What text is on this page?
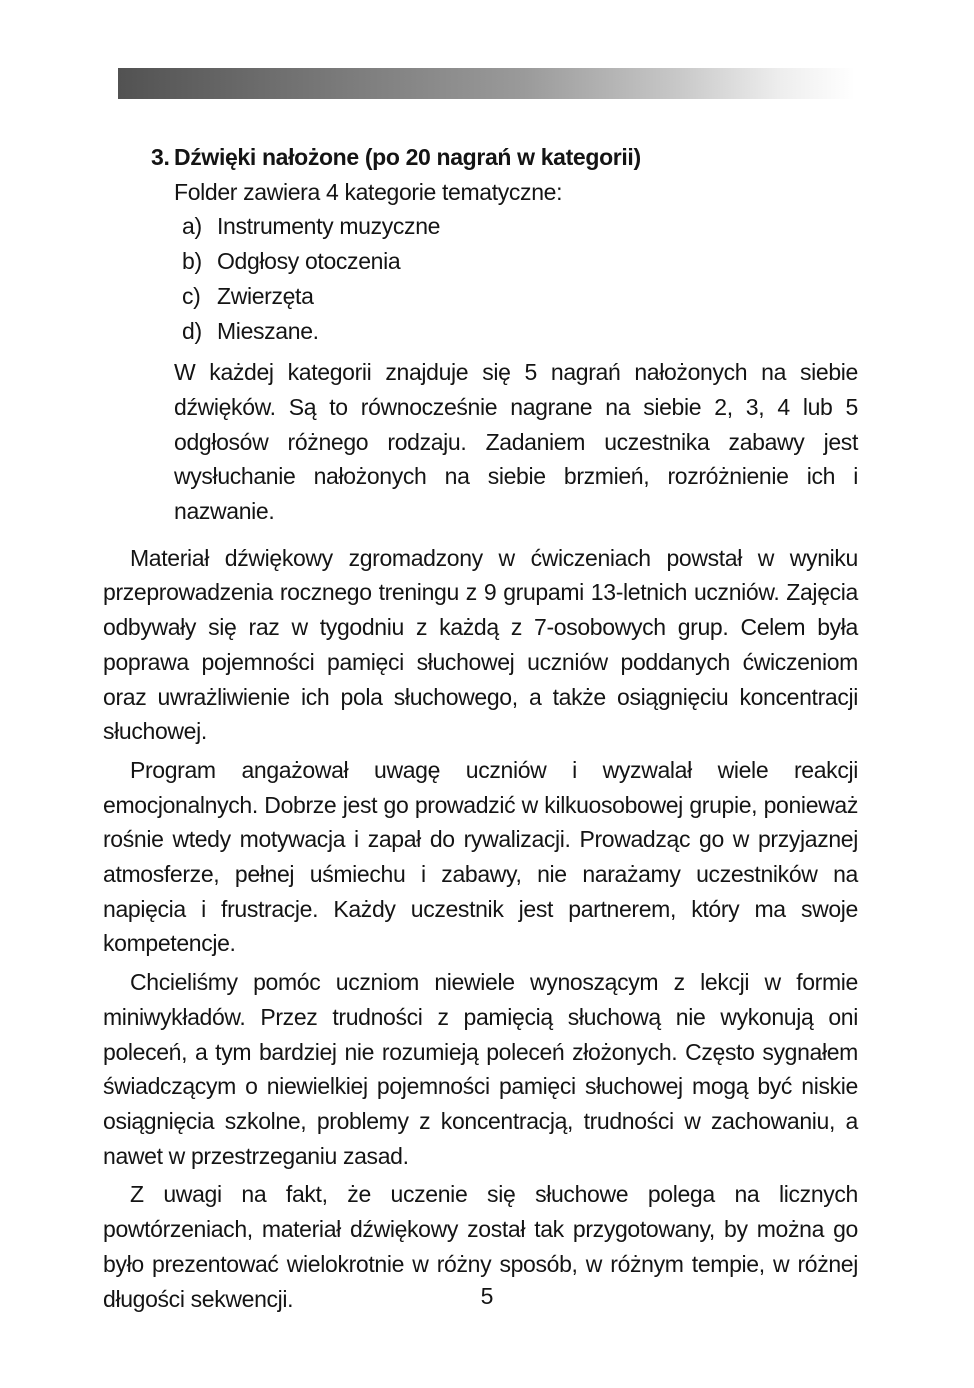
3. Dźwięki nałożone (po 20 nagrań w kategorii)

Folder zawiera 4 kategorie tematyczne:

a) Instrumenty muzyczne
b) Odgłosy otoczenia
c) Zwierzęta
d) Mieszane.

W każdej kategorii znajduje się 5 nagrań nałożonych na siebie dźwięków. Są to równocześnie nagrane na siebie 2, 3, 4 lub 5 odgłosów różnego rodzaju. Zadaniem uczestnika zabawy jest wysłuchanie nałożonych na siebie brzmień, rozróżnienie ich i nazwanie.

Materiał dźwiękowy zgromadzony w ćwiczeniach powstał w wyniku przeprowadzenia rocznego treningu z 9 grupami 13-letnich uczniów. Zajęcia odbywały się raz w tygodniu z każdą z 7-osobowych grup. Celem była poprawa pojemności pamięci słuchowej uczniów poddanych ćwiczeniom oraz uwrażliwienie ich pola słuchowego, a także osiągnięciu koncentracji słuchowej.

Program angażował uwagę uczniów i wyzwalał wiele reakcji emocjonalnych. Dobrze jest go prowadzić w kilkuosobowej grupie, ponieważ rośnie wtedy motywacja i zapał do rywalizacji. Prowadząc go w przyjaznej atmosferze, pełnej uśmiechu i zabawy, nie narażamy uczestników na napięcia i frustracje. Każdy uczestnik jest partnerem, który ma swoje kompetencje.

Chcieliśmy pomóc uczniom niewiele wynoszącym z lekcji w formie miniwykładów. Przez trudności z pamięcią słuchową nie wykonują oni poleceń, a tym bardziej nie rozumieją poleceń złożonych. Często sygnałem świadczącym o niewielkiej pojemności pamięci słuchowej mogą być niskie osiągnięcia szkolne, problemy z koncentracją, trudności w zachowaniu, a nawet w przestrzeganiu zasad.

Z uwagi na fakt, że uczenie się słuchowe polega na licznych powtórzeniach, materiał dźwiękowy został tak przygotowany, by można go było prezentować wielokrotnie w różny sposób, w różnym tempie, w różnej długości sekwencji.	5
